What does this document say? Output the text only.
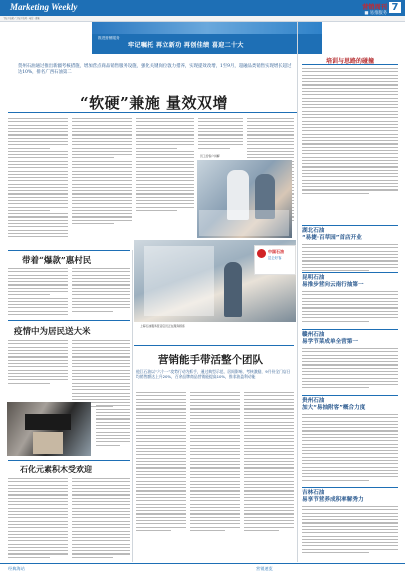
Marketing Weekly	营销周刊 7
■ 易推服务
主编 / 编辑 / 美编 / 校对 · 电话 · 邮箱
推进营销服务
牢记嘱托 再立新功 再创佳绩 喜迎二十大
贺州石油通过推出新疆考核措施，增加营点商品销售服务设施，强化关键岗位敦力措养，实现提效改增，1至9月，超融品类销售实现增长超过达10%，排名广西石油第二
“软硬”兼施 量效双增
员工给客户讲解
中国石油
昆仑好客
上海石油服务营店店员正在服务顾客
带着“爆款”惠村民
疫情中为居民送大米
石化元素积木受欢迎
营销能手带活整个团队
他江石油以“六个一”攻势行动为抓手，通过典型示范、居间影响、考核激励，9月份全门店日均销售额达上升20%，百余品牌商品营销能提高10%，推非油盈利动能
培训与思路的碰撞
湖北石油
“易捷·百草园”首店开业
昆明石油
易推步营向云南行抽第一
赣州石油
易学节菜成单全营第一
贵州石油
加大“易抽附客”概合力度
吉林石油
易享节营养成积率解秀力
经典海站	营销速览
